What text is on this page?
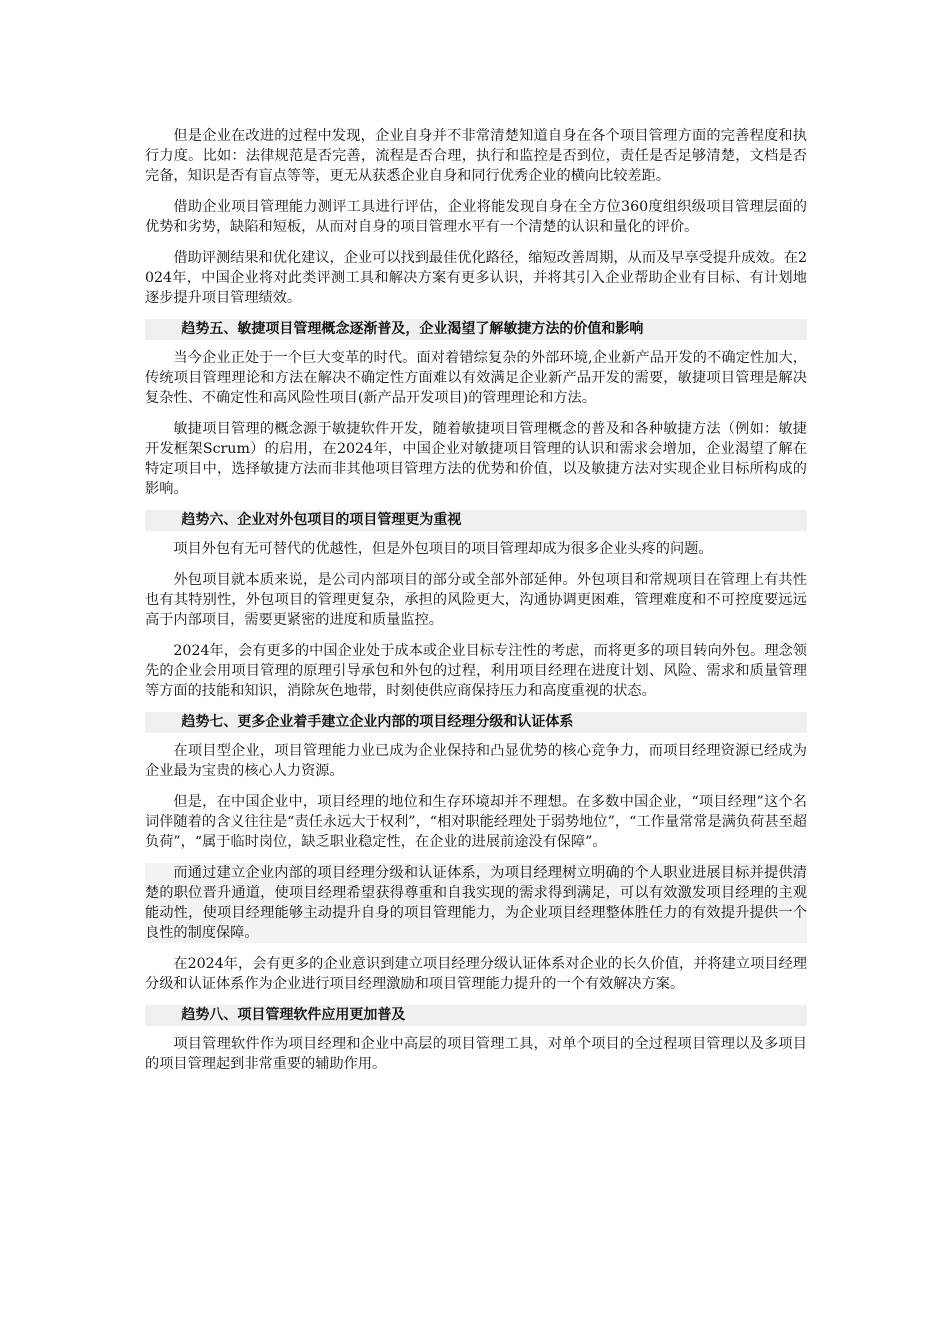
但是企业在改进的过程中发现，企业自身并不非常清楚知道自身在各个项目管理方面的完善程度和执行力度。比如：法律规范是否完善，流程是否合理，执行和监控是否到位，责任是否足够清楚，文档是否完备，知识是否有盲点等等，更无从获悉企业自身和同行优秀企业的横向比较差距。

借助企业项目管理能力测评工具进行评估，企业将能发现自身在全方位360度组织级项目管理层面的优势和劣势，缺陷和短板，从而对自身的项目管理水平有一个清楚的认识和量化的评价。

借助评测结果和优化建议，企业可以找到最佳优化路径，缩短改善周期，从而及早享受提升成效。在2024年，中国企业将对此类评测工具和解决方案有更多认识，并将其引入企业帮助企业有目标、有计划地逐步提升项目管理绩效。

趋势五、敏捷项目管理概念逐渐普及，企业渴望了解敏捷方法的价值和影响

当今企业正处于一个巨大变革的时代。面对着错综复杂的外部环境,企业新产品开发的不确定性加大，传统项目管理理论和方法在解决不确定性方面难以有效满足企业新产品开发的需要，敏捷项目管理是解决复杂性、不确定性和高风险性项目(新产品开发项目)的管理理论和方法。

敏捷项目管理的概念源于敏捷软件开发，随着敏捷项目管理概念的普及和各种敏捷方法（例如：敏捷开发框架Scrum）的启用，在2024年，中国企业对敏捷项目管理的认识和需求会增加，企业渴望了解在特定项目中，选择敏捷方法而非其他项目管理方法的优势和价值，以及敏捷方法对实现企业目标所构成的影响。

趋势六、企业对外包项目的项目管理更为重视

项目外包有无可替代的优越性，但是外包项目的项目管理却成为很多企业头疼的问题。

外包项目就本质来说，是公司内部项目的部分或全部外部延伸。外包项目和常规项目在管理上有共性也有其特别性，外包项目的管理更复杂，承担的风险更大，沟通协调更困难，管理难度和不可控度要远远高于内部项目，需要更紧密的进度和质量监控。

2024年，会有更多的中国企业处于成本或企业目标专注性的考虑，而将更多的项目转向外包。理念领先的企业会用项目管理的原理引导承包和外包的过程，利用项目经理在进度计划、风险、需求和质量管理等方面的技能和知识，消除灰色地带，时刻使供应商保持压力和高度重视的状态。

趋势七、更多企业着手建立企业内部的项目经理分级和认证体系

在项目型企业，项目管理能力业已成为企业保持和凸显优势的核心竞争力，而项目经理资源已经成为企业最为宝贵的核心人力资源。

但是，在中国企业中，项目经理的地位和生存环境却并不理想。在多数中国企业，“项目经理”这个名词伴随着的含义往往是“责任永远大于权利”，“相对职能经理处于弱势地位”，“工作量常常是满负荷甚至超负荷”，“属于临时岗位，缺乏职业稳定性，在企业的进展前途没有保障”。

而通过建立企业内部的项目经理分级和认证体系，为项目经理树立明确的个人职业进展目标并提供清楚的职位晋升通道，使项目经理希望获得尊重和自我实现的需求得到满足，可以有效激发项目经理的主观能动性，使项目经理能够主动提升自身的项目管理能力，为企业项目经理整体胜任力的有效提升提供一个良性的制度保障。

在2024年，会有更多的企业意识到建立项目经理分级认证体系对企业的长久价值，并将建立项目经理分级和认证体系作为企业进行项目经理激励和项目管理能力提升的一个有效解决方案。

趋势八、项目管理软件应用更加普及

项目管理软件作为项目经理和企业中高层的项目管理工具，对单个项目的全过程项目管理以及多项目的项目管理起到非常重要的辅助作用。
